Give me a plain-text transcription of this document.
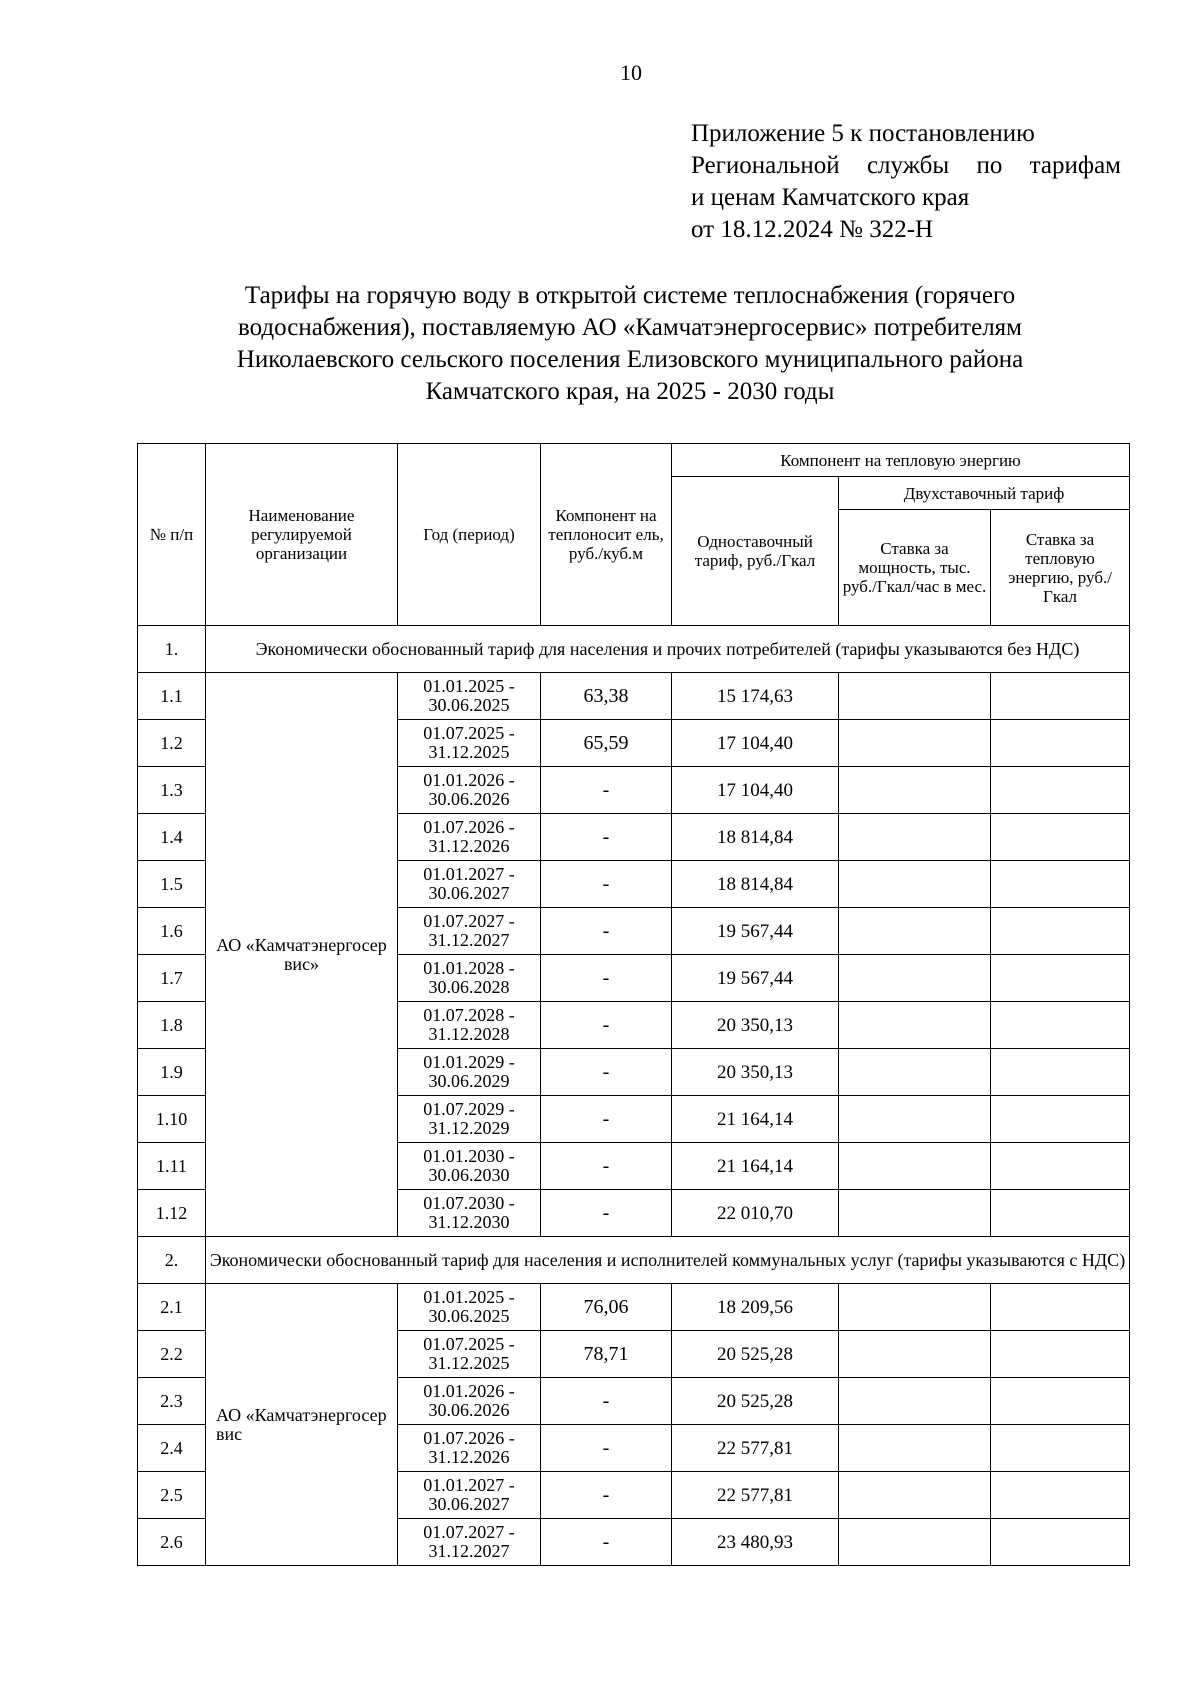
10
Приложение 5 к постановлению
Региональной службы по тарифам
и ценам Камчатского края
от 18.12.2024 № 322-Н
Тарифы на горячую воду в открытой системе теплоснабжения (горячего
водоснабжения), поставляемую АО «Камчатэнергосервис» потребителям
Николаевского сельского поселения Елизовского муниципального района
Камчатского края, на 2025 - 2030 годы
№ п/п	Наименование регулируемой организации	Год (период)	Компонент на теплоносит ель, руб./куб.м	Компонент на тепловую энергию		
				Одноставочный тариф, руб./Гкал	Двухставочный тариф	
					Ставка за мощность, тыс. руб./Гкал/час в мес.	Ставка за тепловую энергию, руб./Гкал
1.	Экономически обоснованный тариф для населения и прочих потребителей (тарифы указываются без НДС)					
1.1	АО «Камчатэнергосер вис»	01.01.2025 - 30.06.2025	63,38	15 174,63		
1.2		01.07.2025 - 31.12.2025	65,59	17 104,40		
1.3		01.01.2026 - 30.06.2026	-	17 104,40		
1.4		01.07.2026 - 31.12.2026	-	18 814,84		
1.5		01.01.2027 - 30.06.2027	-	18 814,84		
1.6		01.07.2027 - 31.12.2027	-	19 567,44		
1.7		01.01.2028 - 30.06.2028	-	19 567,44		
1.8		01.07.2028 - 31.12.2028	-	20 350,13		
1.9		01.01.2029 - 30.06.2029	-	20 350,13		
1.10		01.07.2029 - 31.12.2029	-	21 164,14		
1.11		01.01.2030 - 30.06.2030	-	21 164,14		
1.12		01.07.2030 - 31.12.2030	-	22 010,70		
2.	Экономически обоснованный тариф для населения и исполнителей коммунальных услуг (тарифы указываются с НДС)					
2.1	АО «Камчатэнергосер вис	01.01.2025 - 30.06.2025	76,06	18 209,56		
2.2		01.07.2025 - 31.12.2025	78,71	20 525,28		
2.3		01.01.2026 - 30.06.2026	-	20 525,28		
2.4		01.07.2026 - 31.12.2026	-	22 577,81		
2.5		01.01.2027 - 30.06.2027	-	22 577,81		
2.6		01.07.2027 - 31.12.2027	-	23 480,93		
